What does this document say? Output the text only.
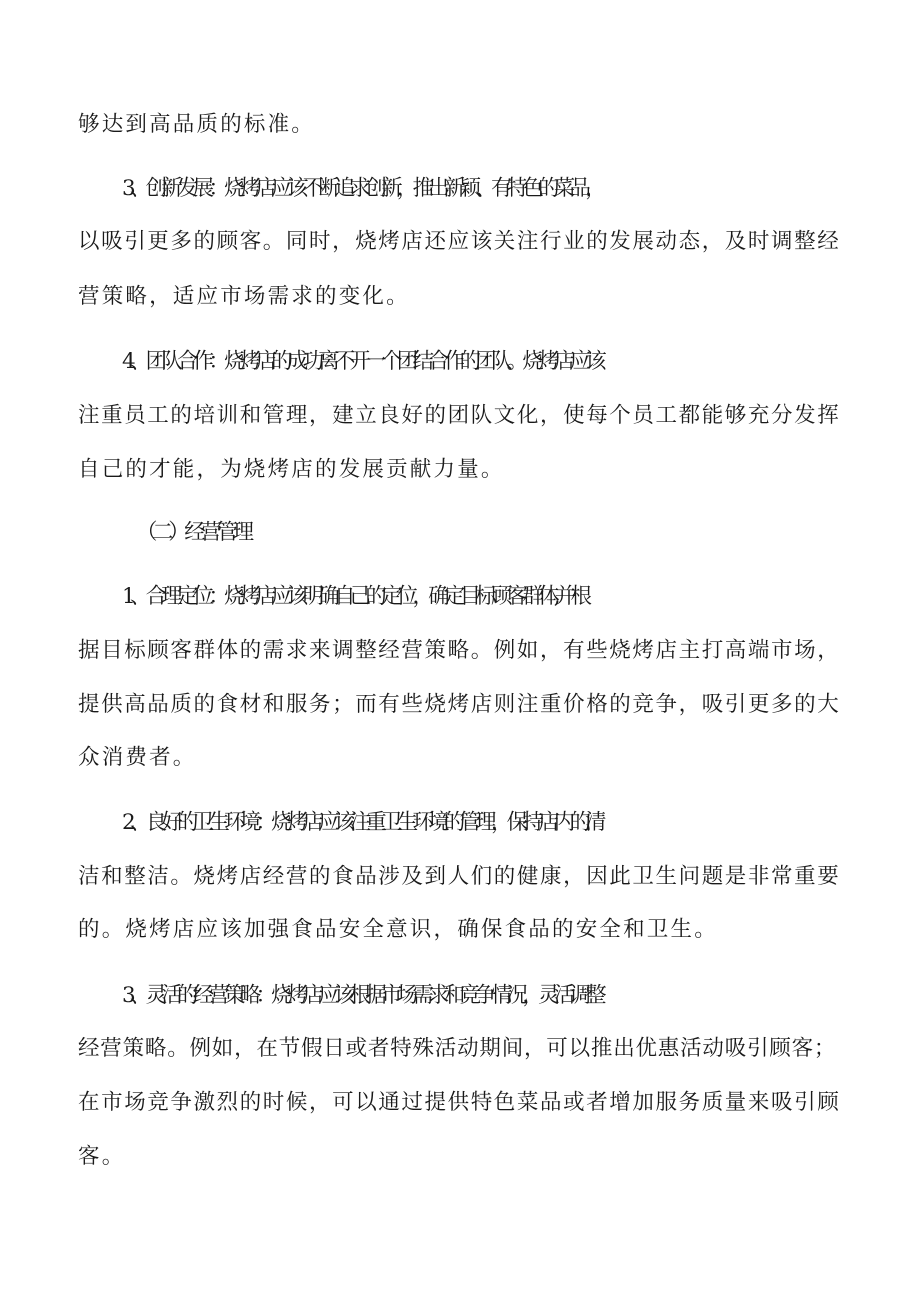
够达到高品质的标准。
3、创新发展：烧烤店应该不断追求创新，推出新颖、有特色的菜品，
以吸引更多的顾客。同时，烧烤店还应该关注行业的发展动态，及时调整经
营策略，适应市场需求的变化。
4、团队合作：烧烤店的成功离不开一个团结合作的团队。烧烤店应该
注重员工的培训和管理，建立良好的团队文化，使每个员工都能够充分发挥
自己的才能，为烧烤店的发展贡献力量。
（二）经营管理
1、合理定位：烧烤店应该明确自己的定位，确定目标顾客群体,并根
据目标顾客群体的需求来调整经营策略。例如，有些烧烤店主打高端市场，
提供高品质的食材和服务；而有些烧烤店则注重价格的竞争，吸引更多的大
众消费者。
2、良好的卫生环境：烧烤店应该注重卫生环境的管理，保持店内的清
洁和整洁。烧烤店经营的食品涉及到人们的健康，因此卫生问题是非常重要
的。烧烤店应该加强食品安全意识，确保食品的安全和卫生。
3、灵活的经营策略：烧烤店应该根据市场需求和竞争情况，灵活调整
经营策略。例如，在节假日或者特殊活动期间，可以推出优惠活动吸引顾客；
在市场竞争激烈的时候，可以通过提供特色菜品或者增加服务质量来吸引顾
客。
